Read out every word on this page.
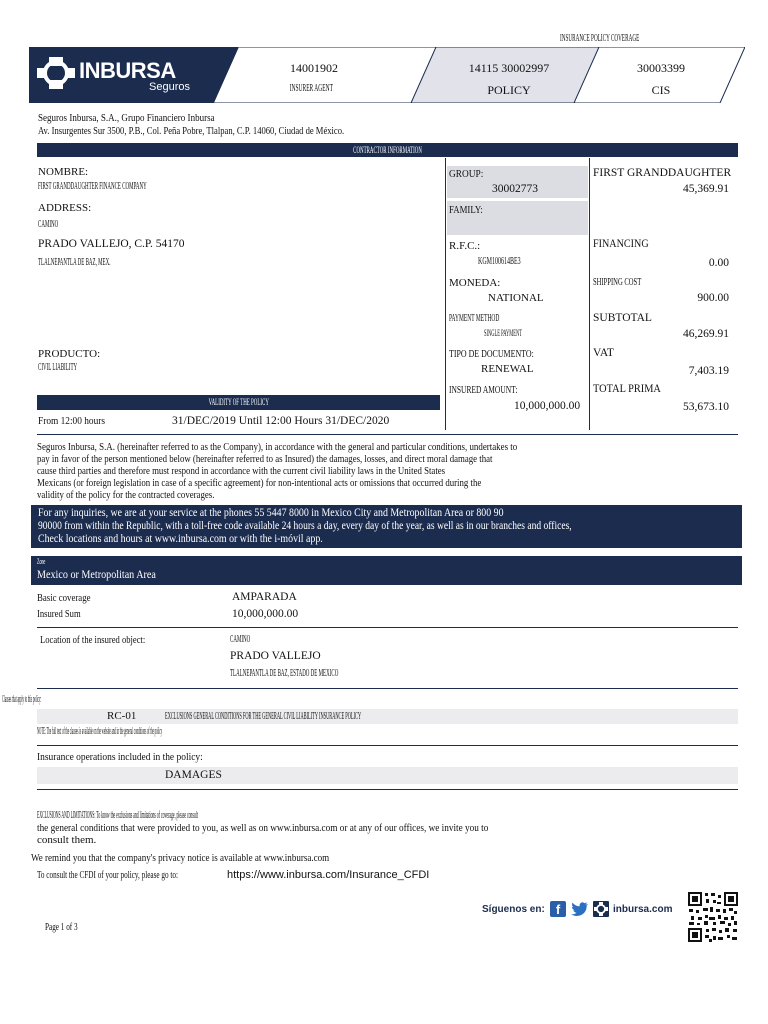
INSURANCE POLICY COVERAGE
INBURSA
Seguros
14001902
INSURER AGENT
14115 30002997
POLICY
30003399
CIS
Seguros Inbursa, S.A., Grupo Financiero Inbursa
Av. Insurgentes Sur 3500, P.B., Col. Peña Pobre, Tlalpan, C.P. 14060, Ciudad de México.
CONTRACTOR INFORMATION
NOMBRE:
FIRST GRANDDAUGHTER FINANCE COMPANY
ADDRESS:
CAMINO
PRADO VALLEJO, C.P. 54170
TLALNEPANTLA DE BAZ, MEX.
PRODUCTO:
CIVIL LIABILITY
VALIDITY OF THE POLICY
From 12:00 hours	31/DEC/2019 Until 12:00 Hours 31/DEC/2020
GROUP:
30002773
FAMILY:
R.F.C.:
KGM100614BE3
MONEDA:
NATIONAL
PAYMENT METHOD
SINGLE PAYMENT
TIPO DE DOCUMENTO:
RENEWAL
INSURED AMOUNT:
10,000,000.00
FIRST GRANDDAUGHTER
45,369.91
FINANCING
0.00
SHIPPING COST
900.00
SUBTOTAL
46,269.91
VAT
7,403.19
TOTAL PRIMA
53,673.10
Seguros Inbursa, S.A. (hereinafter referred to as the Company), in accordance with the general and particular conditions, undertakes to
pay in favor of the person mentioned below (hereinafter referred to as Insured) the damages, losses, and direct moral damage that
cause third parties and therefore must respond in accordance with the current civil liability laws in the United States
Mexicans (or foreign legislation in case of a specific agreement) for non-intentional acts or omissions that occurred during the
validity of the policy for the contracted coverages.
For any inquiries, we are at your service at the phones 55 5447 8000 in Mexico City and Metropolitan Area or 800 90
90000 from within the Republic, with a toll-free code available 24 hours a day, every day of the year, as well as in our branches and offices,
Check locations and hours at www.inbursa.com or with the i-móvil app.
Zone
Mexico or Metropolitan Area
Basic coverage	AMPARADA
Insured Sum	10,000,000.00
Location of the insured object:	CAMINO
PRADO VALLEJO
TLALNEPANTLA DE BAZ, ESTADO DE MEXICO
Clauses that apply to this policy:
RC-01	EXCLUSIONS GENERAL CONDITIONS FOR THE GENERAL CIVIL LIABILITY INSURANCE POLICY
NOTE: The full text of the clauses is available on the website and in the general conditions of the policy
Insurance operations included in the policy:
DAMAGES
EXCLUSIONS AND LIMITATIONS: To know the exclusions and limitations of coverage, please consult
the general conditions that were provided to you, as well as on www.inbursa.com or at any of our offices, we invite you to
consult them.
We remind you that the company's privacy notice is available at www.inbursa.com
To consult the CFDI of your policy, please go to:	https://www.inbursa.com/Insurance_CFDI
Síguenos en: f	inbursa.com
Page 1 of 3
